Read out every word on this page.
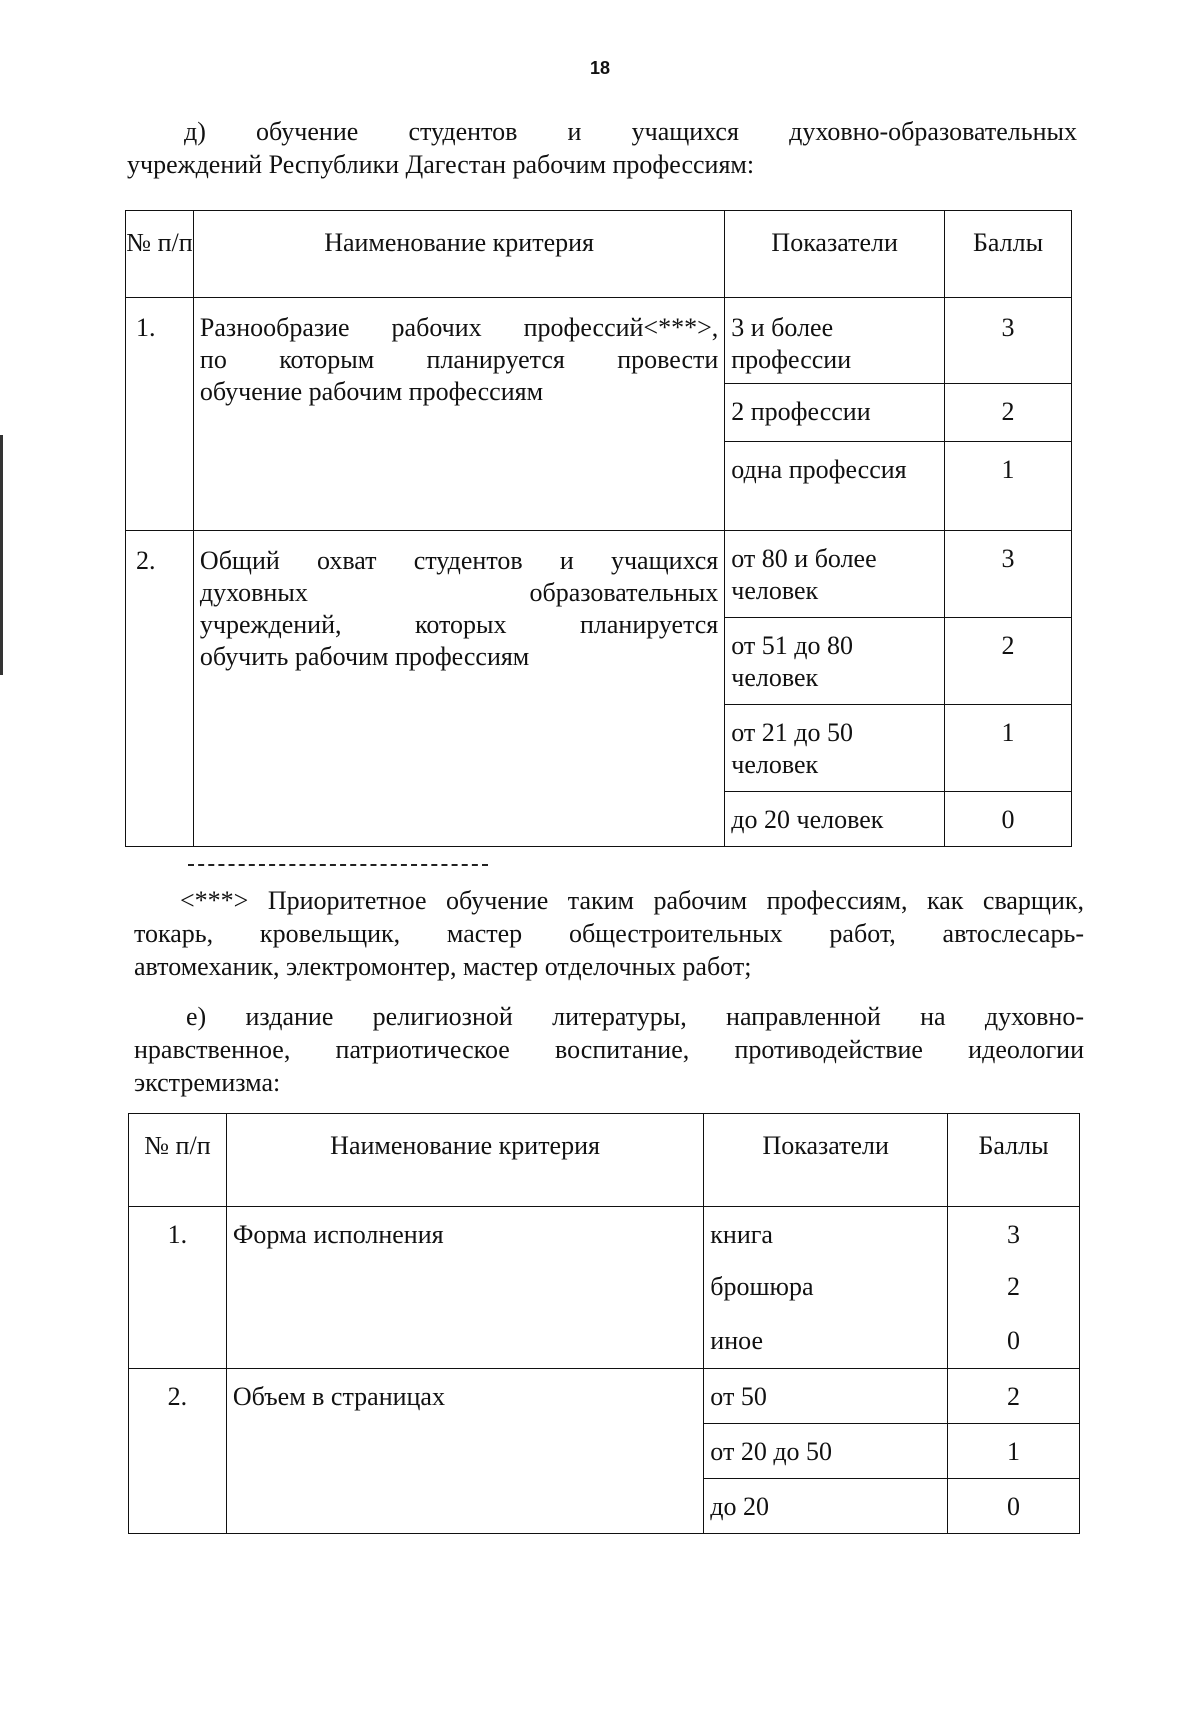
18
д) обучение студентов и учащихся духовно-образовательных
учреждений Республики Дагестан рабочим профессиям:
№ п/п	Наименование критерия	Показатели	Баллы
1.	Разнообразие рабочих профессий<***>,
по которым планируется провести
обучение рабочим профессиям	3 и более профессии	3
		2 профессии	2
		одна профессия	1
2.	Общий охват студентов и учащихся
духовных образовательных
учреждений, которых планируется
обучить рабочим профессиям	от 80 и более человек	3
		от 51 до 80 человек	2
		от 21 до 50 человек	1
		до 20 человек	0
<***> Приоритетное обучение таким рабочим профессиям, как сварщик,
токарь, кровельщик, мастер общестроительных работ, автослесарь-
автомеханик, электромонтер, мастер отделочных работ;
е) издание религиозной литературы, направленной на духовно-
нравственное, патриотическое воспитание, противодействие идеологии
экстремизма:
№ п/п	Наименование критерия	Показатели	Баллы
1.	Форма исполнения	книга	3
		брошюра	2
		иное	0
2.	Объем в страницах	от 50	2
		от 20 до 50	1
		до 20	0
